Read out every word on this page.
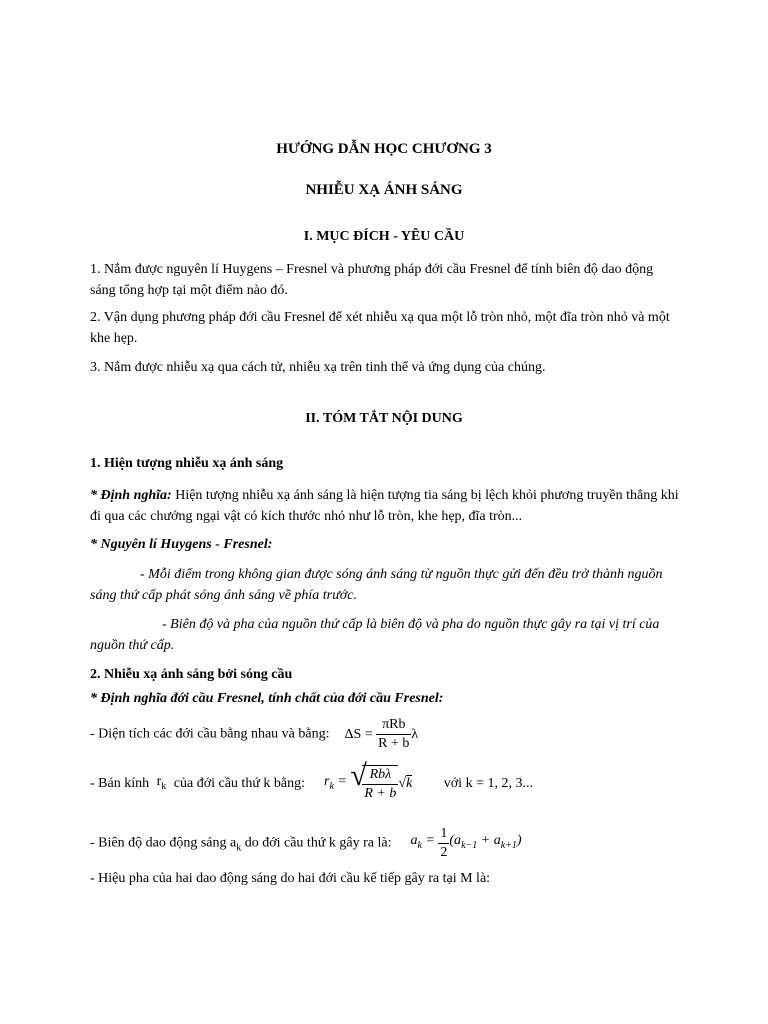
HƯỚNG DẪN HỌC CHƯƠNG 3
NHIỄU XẠ ÁNH SÁNG
I. MỤC ĐÍCH - YÊU CẦU
1. Nắm được nguyên lí Huygens – Fresnel và phương pháp đới cầu Fresnel để tính biên độ dao động sáng tổng hợp tại một điểm nào đó.
2. Vận dụng phương pháp đới cầu Fresnel để xét nhiễu xạ qua một lỗ tròn nhỏ, một đĩa tròn nhỏ và một khe hẹp.
3. Nắm được nhiễu xạ qua cách tử, nhiễu xạ trên tinh thể và ứng dụng của chúng.
II. TÓM TẮT NỘI DUNG
1. Hiện tượng nhiễu xạ ánh sáng
* Định nghĩa: Hiện tượng nhiễu xạ ánh sáng là hiện tượng tia sáng bị lệch khỏi phương truyền thẳng khi đi qua các chướng ngại vật có kích thước nhỏ như lỗ tròn, khe hẹp, đĩa tròn...
* Nguyên lí Huygens - Fresnel:
- Mỗi điểm trong không gian được sóng ánh sáng từ nguồn thực gửi đến đều trở thành nguồn sáng thứ cấp phát sóng ánh sáng về phía trước.
- Biên độ và pha của nguồn thứ cấp là biên độ và pha do nguồn thực gây ra tại vị trí của nguồn thứ cấp.
2. Nhiễu xạ ánh sáng bởi sóng cầu
* Định nghĩa đới cầu Fresnel, tính chất của đới cầu Fresnel:
- Diện tích các đới cầu bằng nhau và bằng: $\Delta S = \frac{\text{πRb}}{R + b}$ λ
- Bán kính $r_k$ của đới cầu thứ k bằng: $r_k$ = √
$\frac{\text{Rbλ}}{R + b} √k$ với k = 1, 2, 3...
- Biên độ dao động sáng $a_k$ do đới cầu thứ k gây ra là: $a_k = \frac{1}{2} (a_{k-1} + a_{k+1})$
- Hiệu pha của hai dao động sáng do hai đới cầu kế tiếp gây ra tại M là:
